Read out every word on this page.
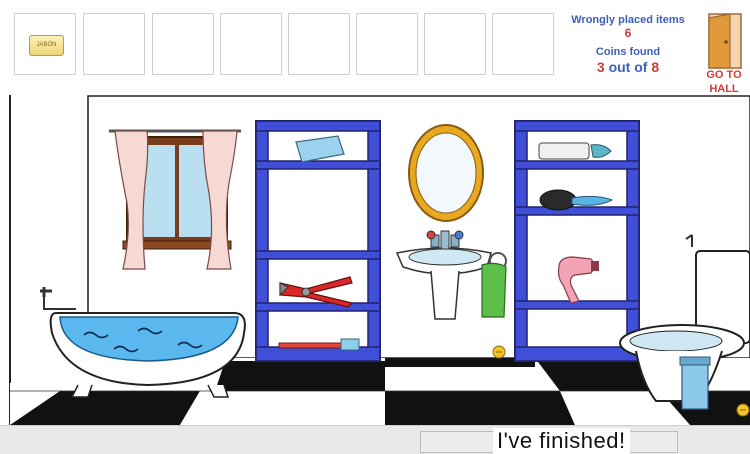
JABÓN
Wrongly placed items
6
Coins found
3 out of 8	GO TO HALL
I've finished!
